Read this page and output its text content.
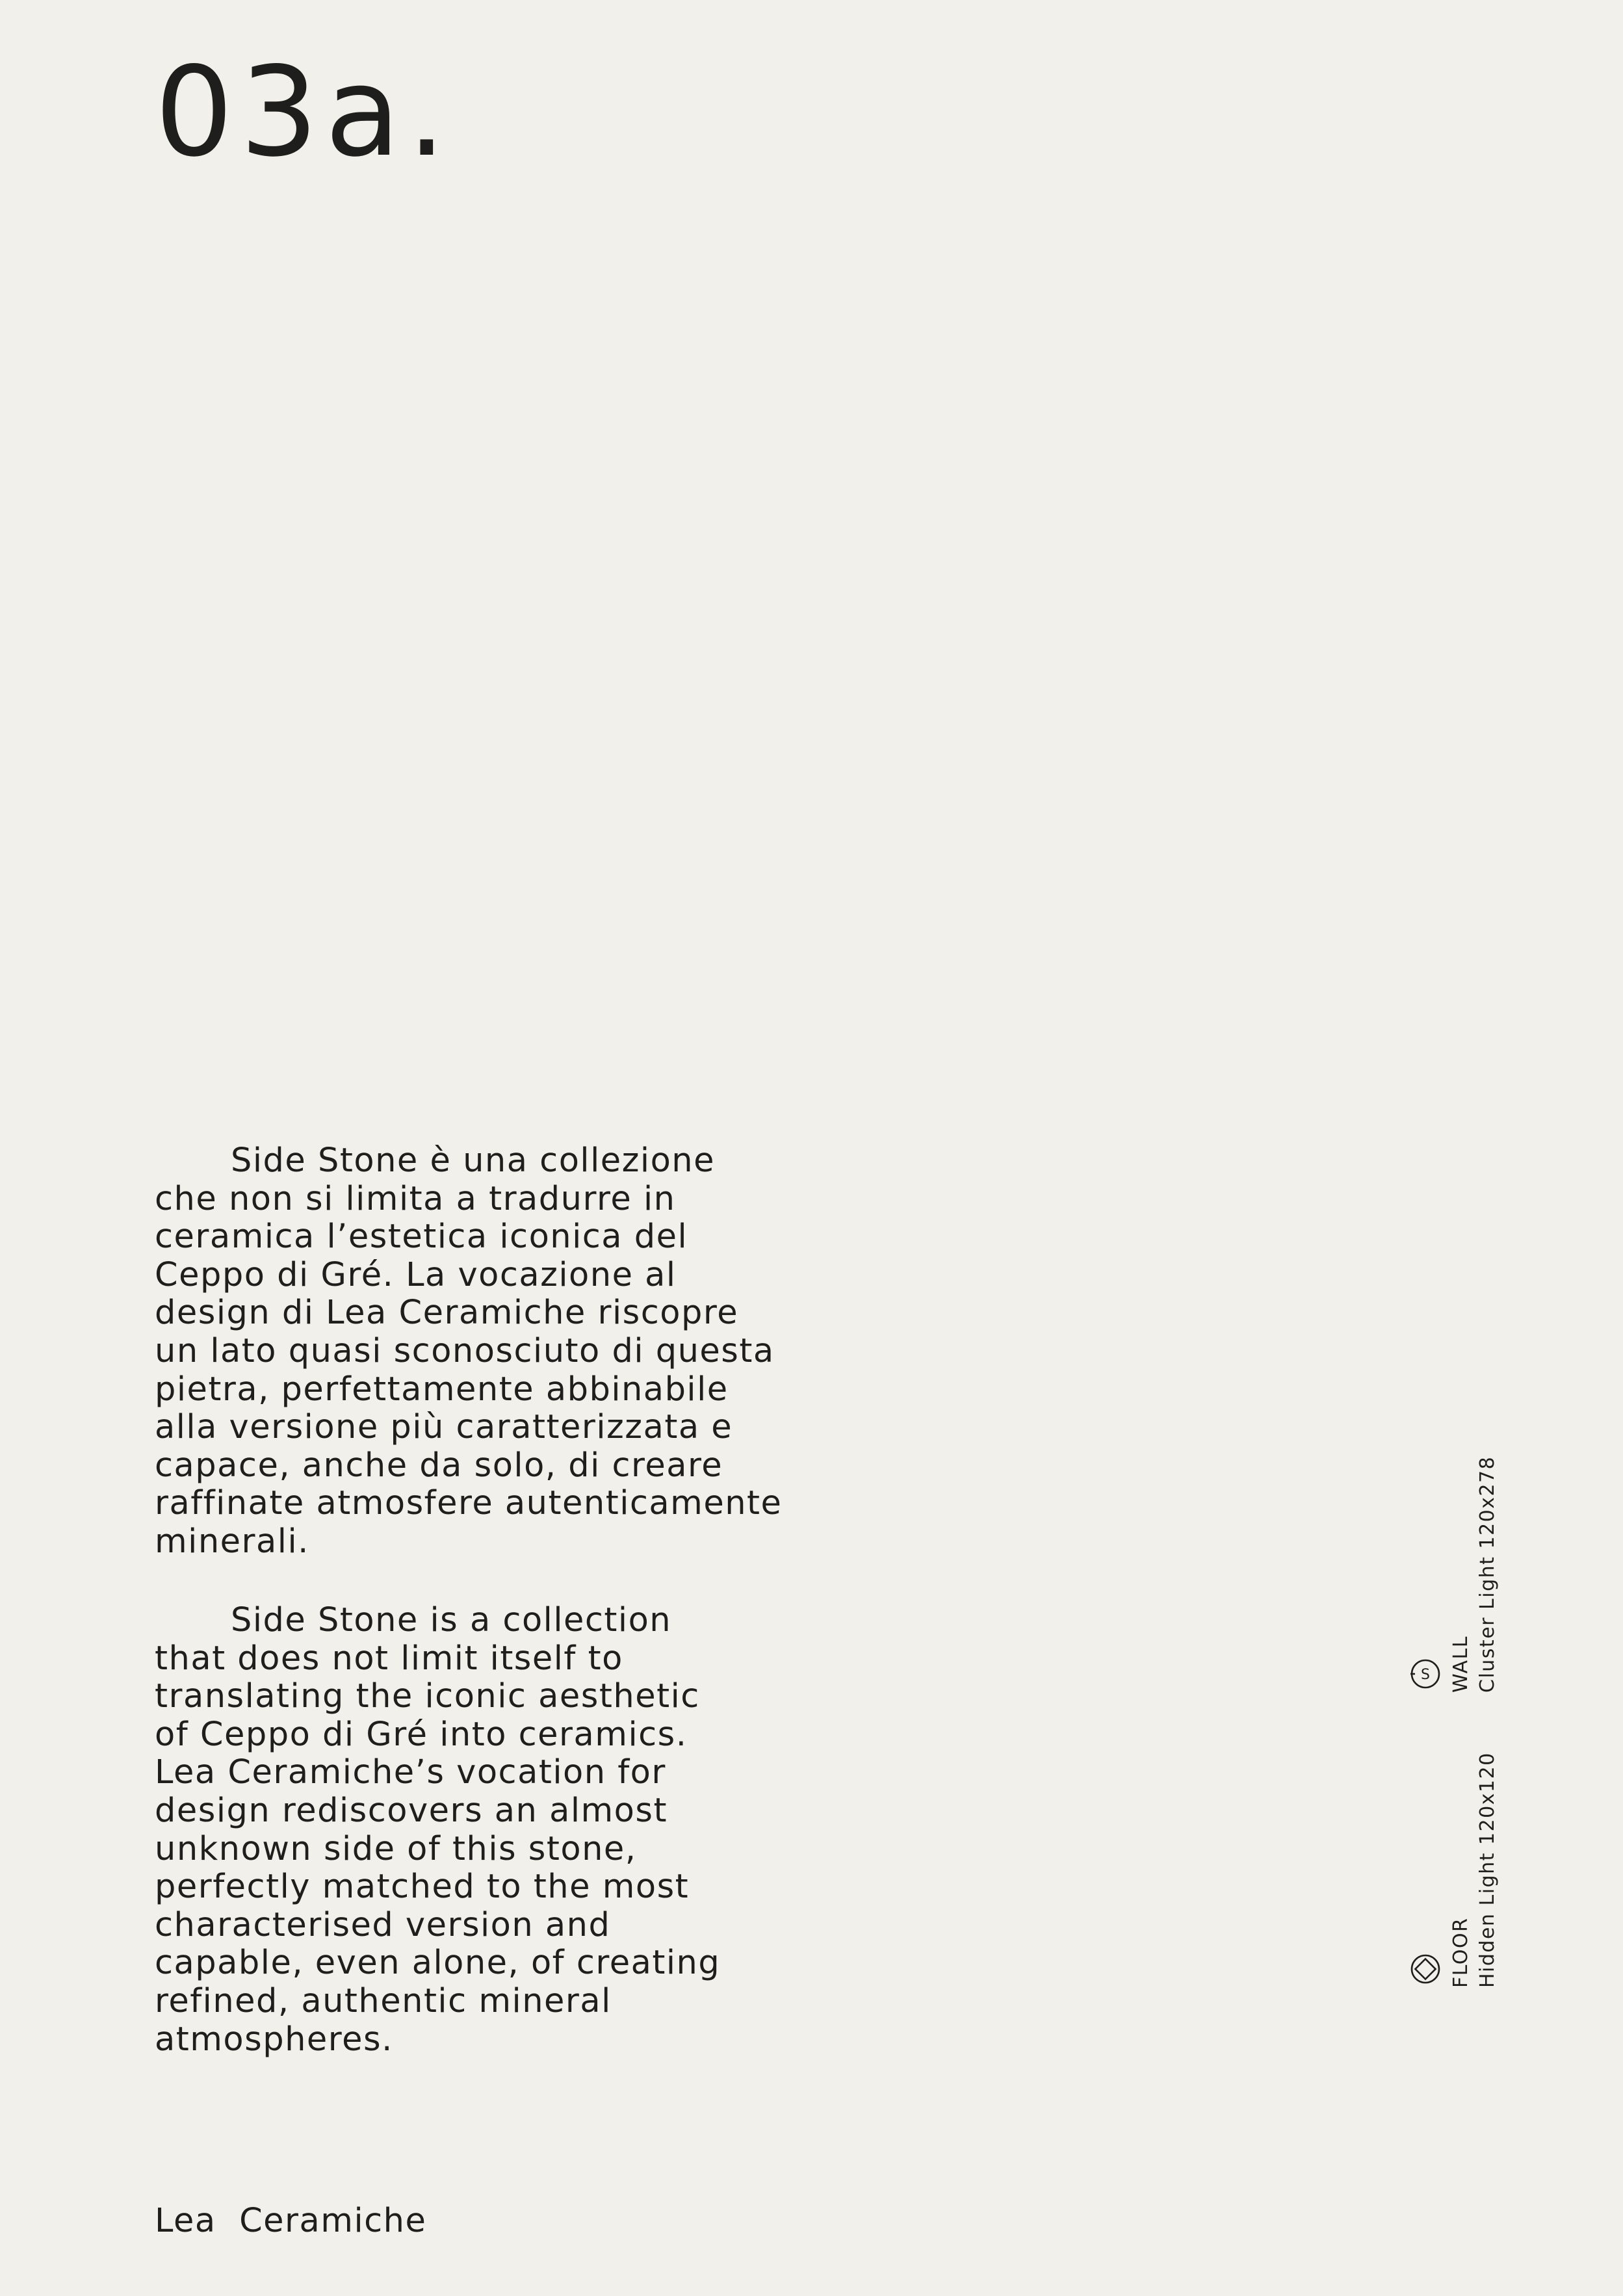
03a.

Side Stone è una collezione
che non si limita a tradurre in
ceramica l’estetica iconica del
Ceppo di Gré. La vocazione al
design di Lea Ceramiche riscopre
un lato quasi sconosciuto di questa
pietra, perfettamente abbinabile
alla versione più caratterizzata e
capace, anche da solo, di creare
raffinate atmosfere autenticamente
minerali.

Side Stone is a collection
that does not limit itself to
translating the iconic aesthetic
of Ceppo di Gré into ceramics.
Lea Ceramiche’s vocation for
design rediscovers an almost
unknown side of this stone,
perfectly matched to the most
characterised version and
capable, even alone, of creating
refined, authentic mineral
atmospheres.

S WALL Cluster Light 120x278
FLOOR Hidden Light 120x120
Lea  Ceramiche
